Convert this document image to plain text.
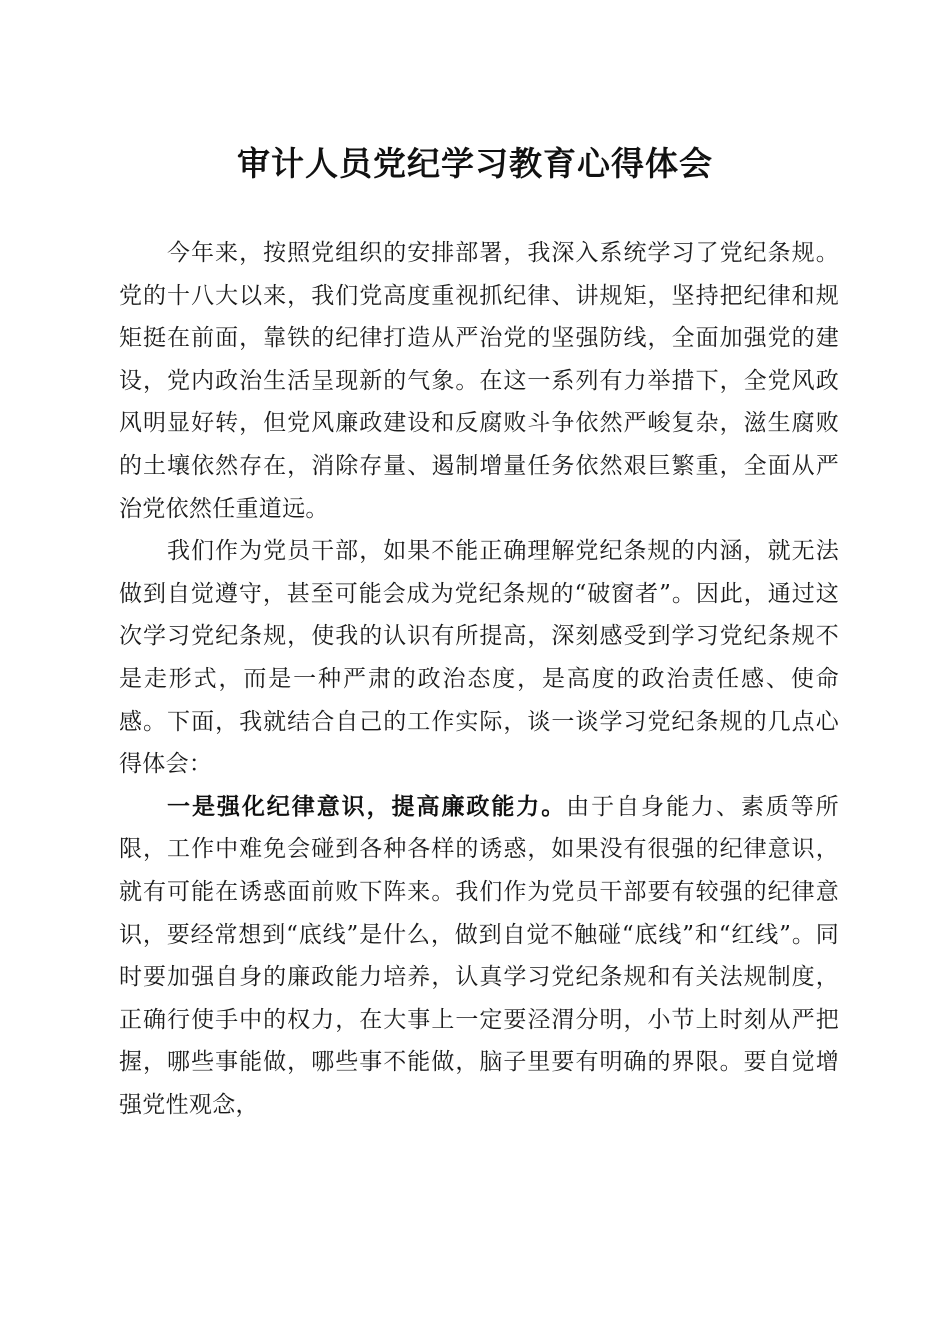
审计人员党纪学习教育心得体会

今年来，按照党组织的安排部署，我深入系统学习了党纪条规。党的十八大以来，我们党高度重视抓纪律、讲规矩，坚持把纪律和规矩挺在前面，靠铁的纪律打造从严治党的坚强防线，全面加强党的建设，党内政治生活呈现新的气象。在这一系列有力举措下，全党风政风明显好转，但党风廉政建设和反腐败斗争依然严峻复杂，滋生腐败的土壤依然存在，消除存量、遏制增量任务依然艰巨繁重，全面从严治党依然任重道远。

我们作为党员干部，如果不能正确理解党纪条规的内涵，就无法做到自觉遵守，甚至可能会成为党纪条规的“破窗者”。因此，通过这次学习党纪条规，使我的认识有所提高，深刻感受到学习党纪条规不是走形式，而是一种严肃的政治态度，是高度的政治责任感、使命感。下面，我就结合自己的工作实际，谈一谈学习党纪条规的几点心得体会：

一是强化纪律意识，提高廉政能力。由于自身能力、素质等所限，工作中难免会碰到各种各样的诱惑，如果没有很强的纪律意识，就有可能在诱惑面前败下阵来。我们作为党员干部要有较强的纪律意识，要经常想到“底线”是什么，做到自觉不触碰“底线”和“红线”。同时要加强自身的廉政能力培养，认真学习党纪条规和有关法规制度，正确行使手中的权力，在大事上一定要泾渭分明，小节上时刻从严把握，哪些事能做，哪些事不能做，脑子里要有明确的界限。要自觉增强党性观念，
